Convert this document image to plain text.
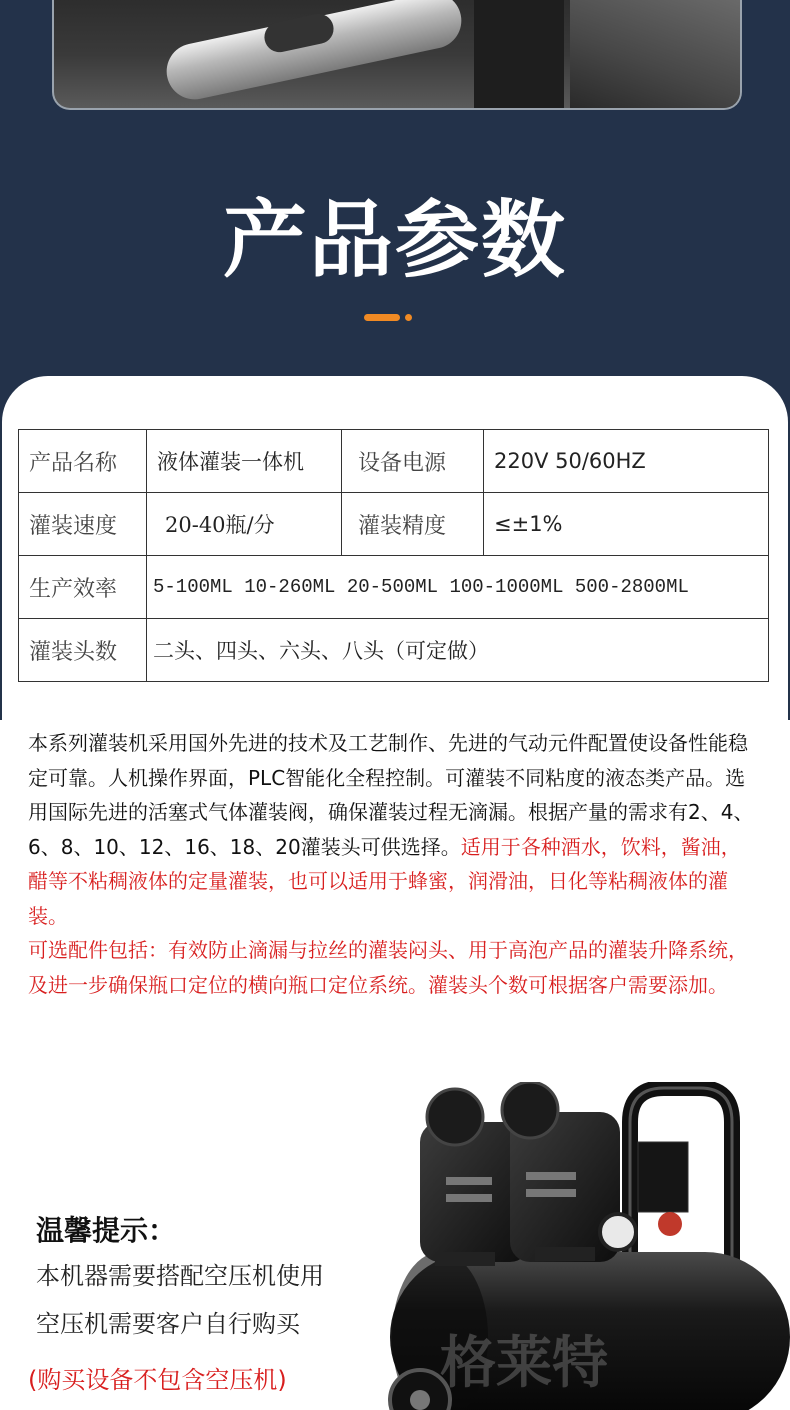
产品参数
产品名称	液体灌装一体机	设备电源	220V 50/60HZ
灌装速度	20-40瓶/分	灌装精度	≤±1%
生产效率	5-100ML 10-260ML 20-500ML 100-1000ML 500-2800ML		
灌装头数	二头、四头、六头、八头（可定做）		
本系列灌装机采用国外先进的技术及工艺制作、先进的气动元件配置使设备性能稳定可靠。人机操作界面，PLC智能化全程控制。可灌装不同粘度的液态类产品。选用国际先进的活塞式气体灌装阀，确保灌装过程无滴漏。根据产量的需求有2、4、6、8、10、12、16、18、20灌装头可供选择。适用于各种酒水，饮料，酱油，醋等不粘稠液体的定量灌装，也可以适用于蜂蜜，润滑油，日化等粘稠液体的灌装。
可选配件包括：有效防止滴漏与拉丝的灌装闷头、用于高泡产品的灌装升降系统，及进一步确保瓶口定位的横向瓶口定位系统。灌装头个数可根据客户需要添加。
格莱特
温馨提示：
本机器需要搭配空压机使用
空压机需要客户自行购买
(购买设备不包含空压机)
